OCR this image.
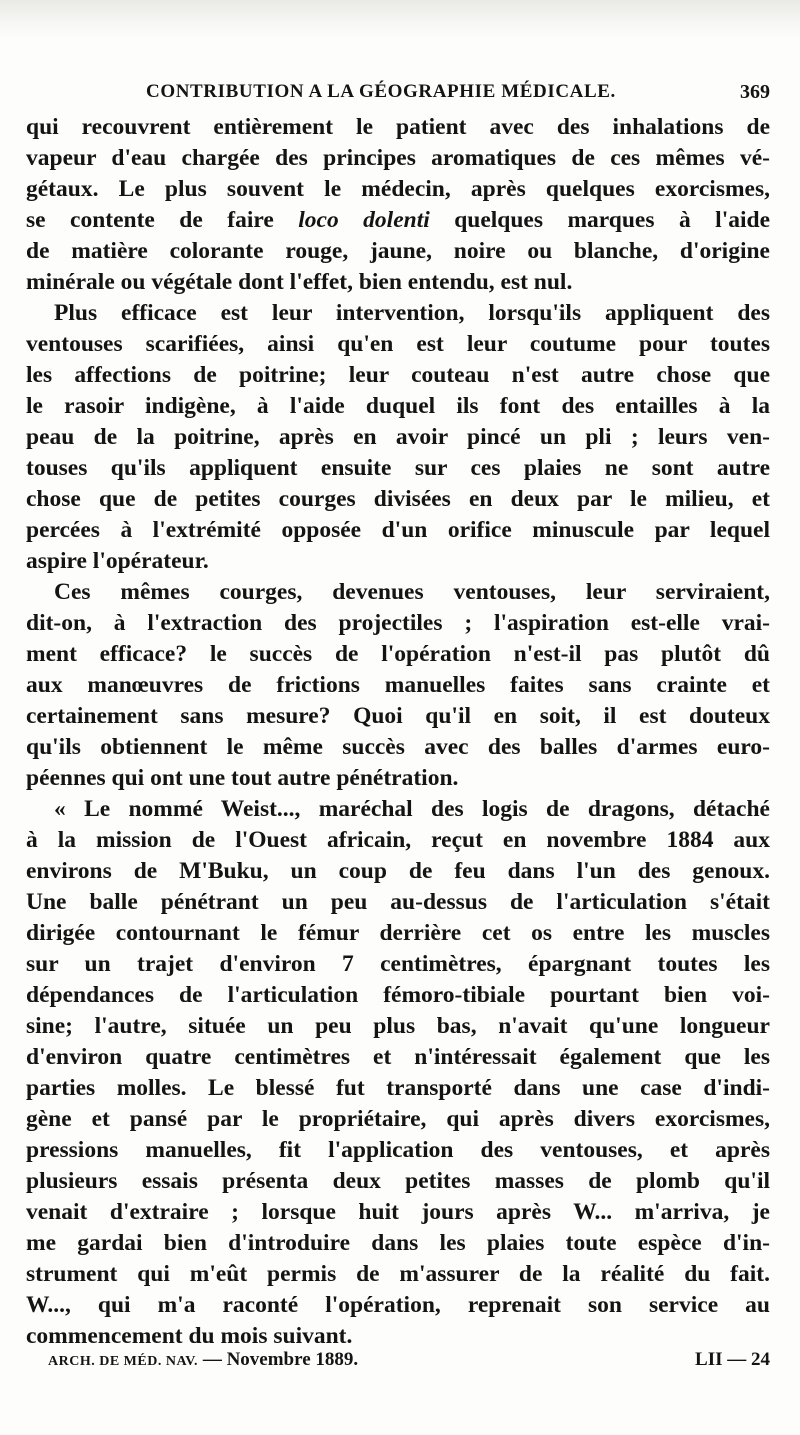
CONTRIBUTION A LA GÉOGRAPHIE MÉDICALE.	369
qui recouvrent entièrement le patient avec des inhalations de
vapeur d'eau chargée des principes aromatiques de ces mêmes vé-
gétaux. Le plus souvent le médecin, après quelques exorcismes,
se contente de faire loco dolenti quelques marques à l'aide
de matière colorante rouge, jaune, noire ou blanche, d'origine
minérale ou végétale dont l'effet, bien entendu, est nul.
Plus efficace est leur intervention, lorsqu'ils appliquent des
ventouses scarifiées, ainsi qu'en est leur coutume pour toutes
les affections de poitrine; leur couteau n'est autre chose que
le rasoir indigène, à l'aide duquel ils font des entailles à la
peau de la poitrine, après en avoir pincé un pli ; leurs ven-
touses qu'ils appliquent ensuite sur ces plaies ne sont autre
chose que de petites courges divisées en deux par le milieu, et
percées à l'extrémité opposée d'un orifice minuscule par lequel
aspire l'opérateur.
Ces mêmes courges, devenues ventouses, leur serviraient,
dit-on, à l'extraction des projectiles ; l'aspiration est-elle vrai-
ment efficace? le succès de l'opération n'est-il pas plutôt dû
aux manœuvres de frictions manuelles faites sans crainte et
certainement sans mesure? Quoi qu'il en soit, il est douteux
qu'ils obtiennent le même succès avec des balles d'armes euro-
péennes qui ont une tout autre pénétration.
« Le nommé Weist..., maréchal des logis de dragons, détaché
à la mission de l'Ouest africain, reçut en novembre 1884 aux
environs de M'Buku, un coup de feu dans l'un des genoux.
Une balle pénétrant un peu au-dessus de l'articulation s'était
dirigée contournant le fémur derrière cet os entre les muscles
sur un trajet d'environ 7 centimètres, épargnant toutes les
dépendances de l'articulation fémoro-tibiale pourtant bien voi-
sine; l'autre, située un peu plus bas, n'avait qu'une longueur
d'environ quatre centimètres et n'intéressait également que les
parties molles. Le blessé fut transporté dans une case d'indi-
gène et pansé par le propriétaire, qui après divers exorcismes,
pressions manuelles, fit l'application des ventouses, et après
plusieurs essais présenta deux petites masses de plomb qu'il
venait d'extraire ; lorsque huit jours après W... m'arriva, je
me gardai bien d'introduire dans les plaies toute espèce d'in-
strument qui m'eût permis de m'assurer de la réalité du fait.
W..., qui m'a raconté l'opération, reprenait son service au
commencement du mois suivant.
ARCH. DE MÉD. NAV. — Novembre 1889.	LII — 24
